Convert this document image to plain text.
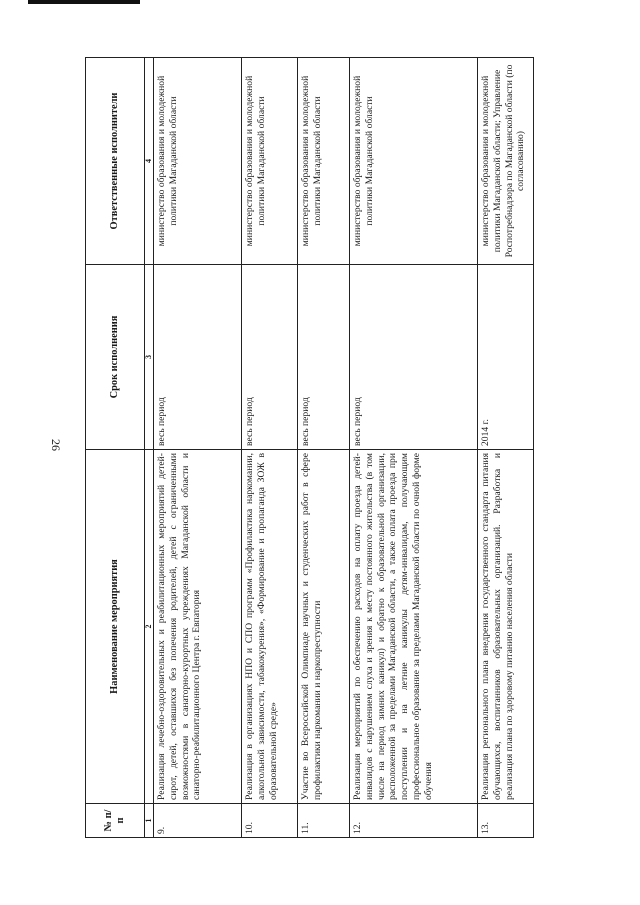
26
№ п/п	Наименование мероприятия	Срок исполнения	Ответственные исполнители
1	2	3	4
9.	Реализация лечебно-оздоровительных и реабилитационных мероприятий детей-сирот, детей, оставшихся без попечения родителей, детей с ограниченными возможностями в санаторно-курортных учреждениях Магаданской области и санаторно-реабилитационного Центра г. Евпатория	весь период	министерство образования и молодежной политики Магаданской области
10.	Реализация в организациях НПО и СПО программ «Профилактика наркомании, алкогольной зависимости, табакокурения», «Формирование и пропаганда ЗОЖ в образовательной среде»	весь период	министерство образования и молодежной политики Магаданской области
11.	Участие во Всероссийской Олимпиаде научных и студенческих работ в сфере профилактики наркомании и наркопреступности	весь период	министерство образования и молодежной политики Магаданской области
12.	Реализация мероприятий по обеспечению расходов на оплату проезда детей-инвалидов с нарушением слуха и зрения к месту постоянного жительства (в том числе на период зимних каникул) и обратно к образовательной организации, расположенной за пределами Магаданской области, а также оплата проезда при поступлении и на летние каникулы детям-инвалидам, получающим профессиональное образование за пределами Магаданской области по очной форме обучения	весь период	министерство образования и молодежной политики Магаданской области
13.	Реализация регионального плана внедрения государственного стандарта питания обучающихся, воспитанников образовательных организаций. Разработка и реализация плана по здоровому питанию населения области	2014 г.	министерство образования и молодежной политики Магаданской области; Управление Роспотребнадзора по Магаданской области (по согласованию)
